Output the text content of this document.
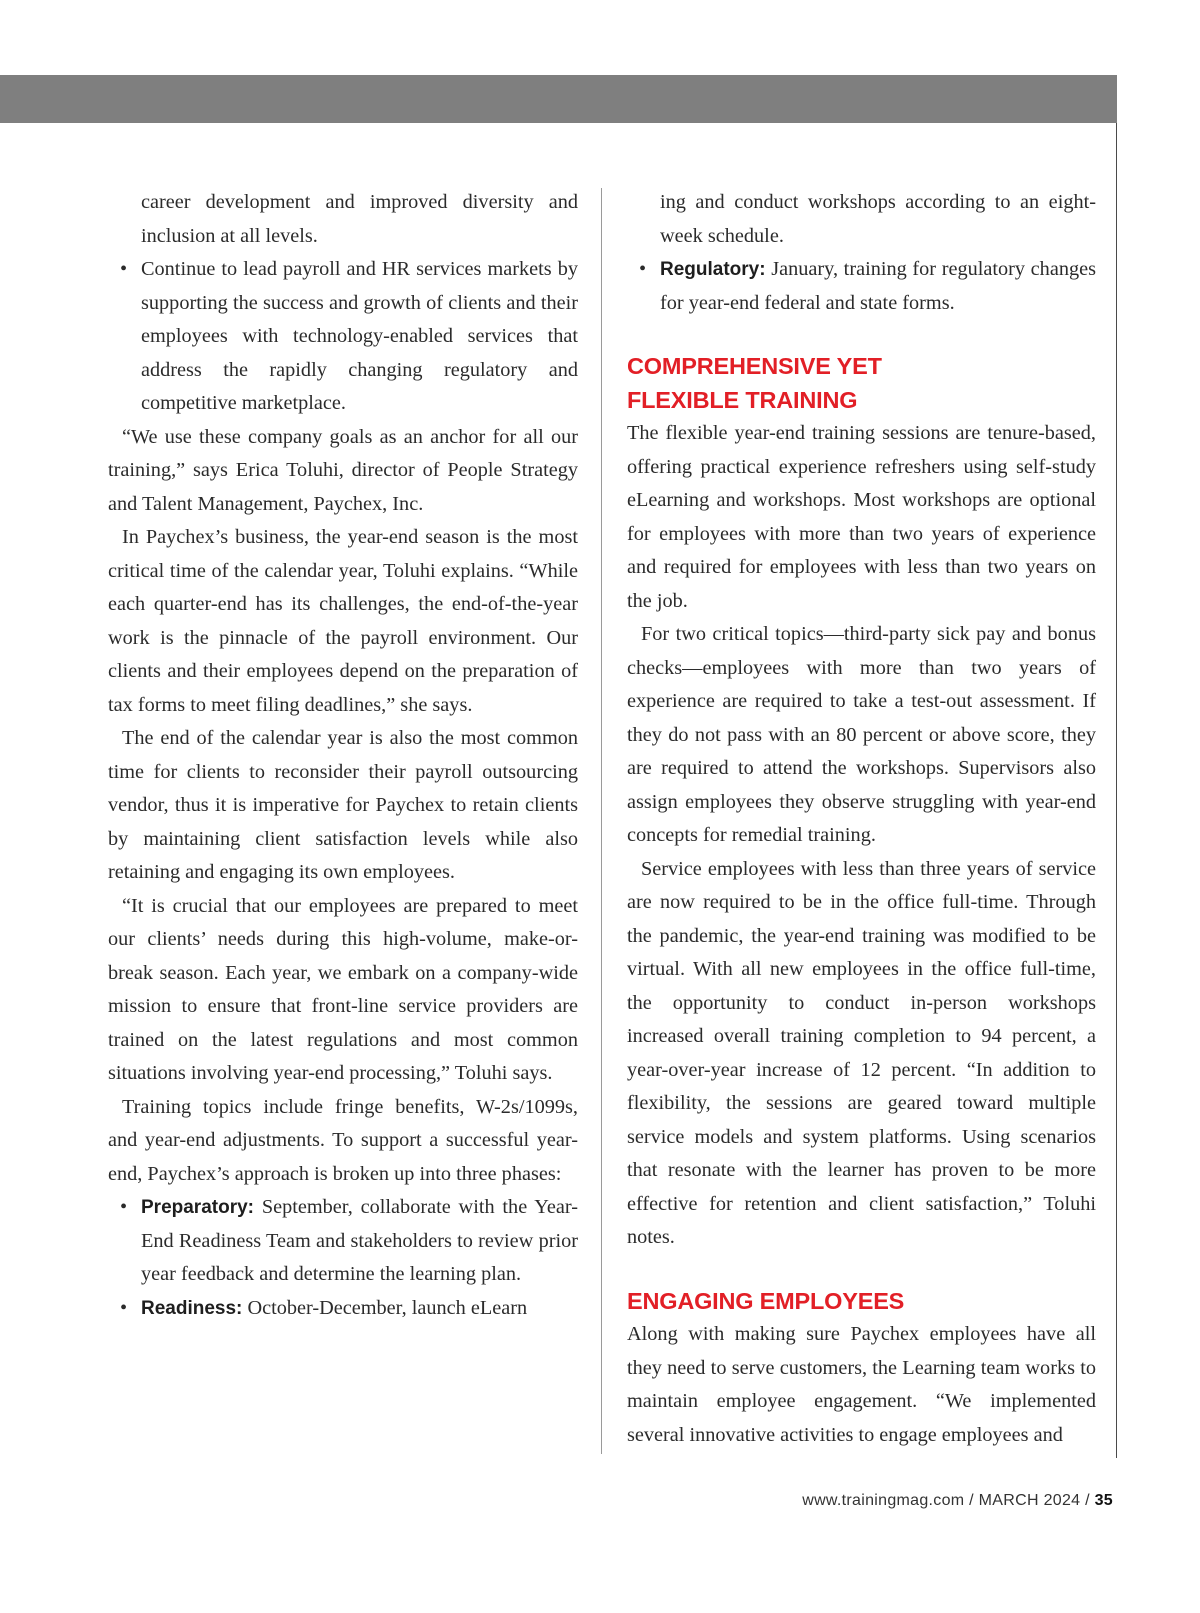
career development and improved diversity and inclusion at all levels.
• Continue to lead payroll and HR services markets by supporting the success and growth of clients and their employees with technology-enabled services that address the rapidly changing regulatory and competitive marketplace.

“We use these company goals as an anchor for all our training,” says Erica Toluhi, director of People Strategy and Talent Management, Paychex, Inc.

In Paychex’s business, the year-end season is the most critical time of the calendar year, Toluhi explains. “While each quarter-end has its challenges, the end-of-the-year work is the pinnacle of the payroll environment. Our clients and their employees depend on the preparation of tax forms to meet filing deadlines,” she says.

The end of the calendar year is also the most common time for clients to reconsider their payroll outsourcing vendor, thus it is imperative for Paychex to retain clients by maintaining client satisfaction levels while also retaining and engaging its own employees.

“It is crucial that our employees are prepared to meet our clients’ needs during this high-volume, make-or-break season. Each year, we embark on a company-wide mission to ensure that front-line service providers are trained on the latest regulations and most common situations involving year-end processing,” Toluhi says.

Training topics include fringe benefits, W-2s/1099s, and year-end adjustments. To support a successful year-end, Paychex’s approach is broken up into three phases:

• Preparatory: September, collaborate with the Year-End Readiness Team and stakeholders to review prior year feedback and determine the learning plan.
• Readiness: October-December, launch eLearn
ing and conduct workshops according to an eight-week schedule.
• Regulatory: January, training for regulatory changes for year-end federal and state forms.
COMPREHENSIVE YET
FLEXIBLE TRAINING

The flexible year-end training sessions are tenure-based, offering practical experience refreshers using self-study eLearning and workshops. Most workshops are optional for employees with more than two years of experience and required for employees with less than two years on the job.

For two critical topics—third-party sick pay and bonus checks—employees with more than two years of experience are required to take a test-out assessment. If they do not pass with an 80 percent or above score, they are required to attend the workshops. Supervisors also assign employees they observe struggling with year-end concepts for remedial training.

Service employees with less than three years of service are now required to be in the office full-time. Through the pandemic, the year-end training was modified to be virtual. With all new employees in the office full-time, the opportunity to conduct in-person workshops increased overall training completion to 94 percent, a year-over-year increase of 12 percent. “In addition to flexibility, the sessions are geared toward multiple service models and system platforms. Using scenarios that resonate with the learner has proven to be more effective for retention and client satisfaction,” Toluhi notes.

ENGAGING EMPLOYEES

Along with making sure Paychex employees have all they need to serve customers, the Learning team works to maintain employee engagement. “We implemented several innovative activities to engage employees and

www.trainingmag.com / MARCH 2024 / 35
